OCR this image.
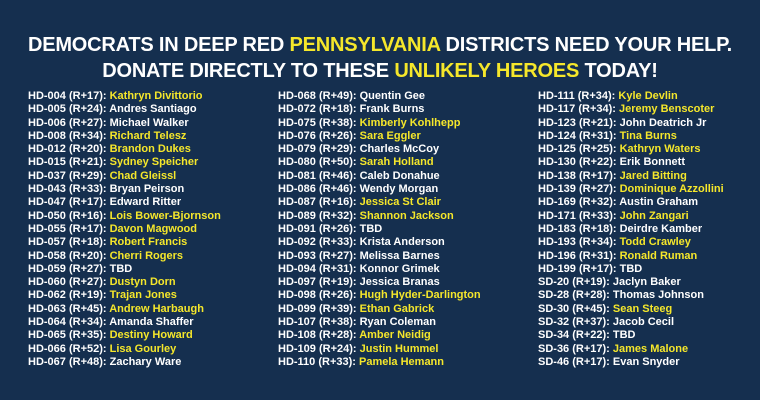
DEMOCRATS IN DEEP RED PENNSYLVANIA DISTRICTS NEED YOUR HELP.
DONATE DIRECTLY TO THESE UNLIKELY HEROES TODAY!
HD-004 (R+17): Kathryn Divittorio
HD-005 (R+24): Andres Santiago
HD-006 (R+27): Michael Walker
HD-008 (R+34): Richard Telesz
HD-012 (R+20): Brandon Dukes
HD-015 (R+21): Sydney Speicher
HD-037 (R+29): Chad Gleissl
HD-043 (R+33): Bryan Peirson
HD-047 (R+17): Edward Ritter
HD-050 (R+16): Lois Bower-Bjornson
HD-055 (R+17): Davon Magwood
HD-057 (R+18): Robert Francis
HD-058 (R+20): Cherri Rogers
HD-059 (R+27): TBD
HD-060 (R+27): Dustyn Dorn
HD-062 (R+19): Trajan Jones
HD-063 (R+45): Andrew Harbaugh
HD-064 (R+34): Amanda Shaffer
HD-065 (R+35): Destiny Howard
HD-066 (R+52): Lisa Gourley
HD-067 (R+48): Zachary Ware
HD-068 (R+49): Quentin Gee
HD-072 (R+18): Frank Burns
HD-075 (R+38): Kimberly Kohlhepp
HD-076 (R+26): Sara Eggler
HD-079 (R+29): Charles McCoy
HD-080 (R+50): Sarah Holland
HD-081 (R+46): Caleb Donahue
HD-086 (R+46): Wendy Morgan
HD-087 (R+16): Jessica St Clair
HD-089 (R+32): Shannon Jackson
HD-091 (R+26): TBD
HD-092 (R+33): Krista Anderson
HD-093 (R+27): Melissa Barnes
HD-094 (R+31): Konnor Grimek
HD-097 (R+19): Jessica Branas
HD-098 (R+26): Hugh Hyder-Darlington
HD-099 (R+39): Ethan Gabrick
HD-107 (R+38): Ryan Coleman
HD-108 (R+28): Amber Neidig
HD-109 (R+24): Justin Hummel
HD-110 (R+33): Pamela Hemann
HD-111 (R+34): Kyle Devlin
HD-117 (R+34): Jeremy Benscoter
HD-123 (R+21): John Deatrich Jr
HD-124 (R+31): Tina Burns
HD-125 (R+25): Kathryn Waters
HD-130 (R+22): Erik Bonnett
HD-138 (R+17): Jared Bitting
HD-139 (R+27): Dominique Azzollini
HD-169 (R+32): Austin Graham
HD-171 (R+33): John Zangari
HD-183 (R+18): Deirdre Kamber
HD-193 (R+34): Todd Crawley
HD-196 (R+31): Ronald Ruman
HD-199 (R+17): TBD
SD-20 (R+19): Jaclyn Baker
SD-28 (R+28): Thomas Johnson
SD-30 (R+45): Sean Steeg
SD-32 (R+37): Jacob Cecil
SD-34 (R+22): TBD
SD-36 (R+17): James Malone
SD-46 (R+17): Evan Snyder
